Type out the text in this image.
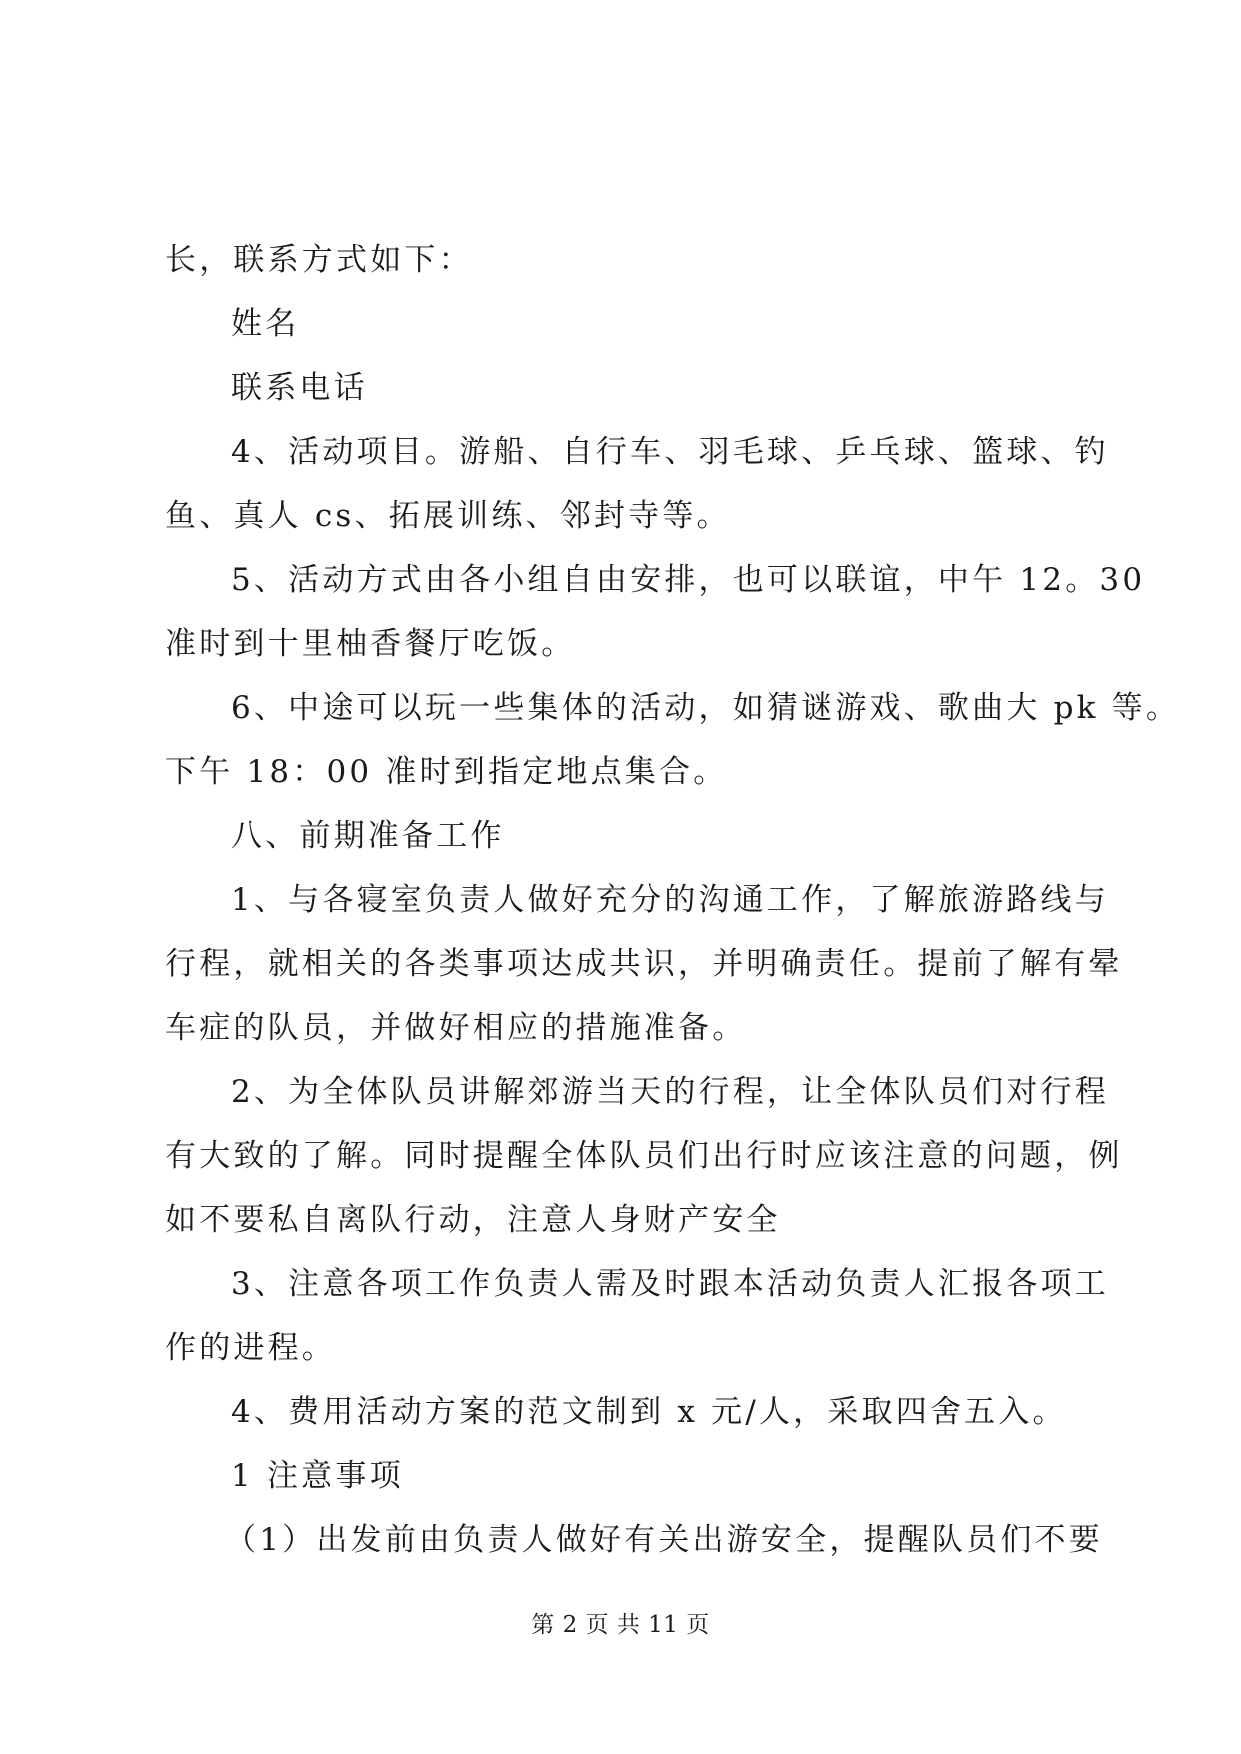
长，联系方式如下：
姓名
联系电话
4、活动项目。游船、自行车、羽毛球、乒乓球、篮球、钓
鱼、真人 cs、拓展训练、邻封寺等。
5、活动方式由各小组自由安排，也可以联谊，中午 12。30
准时到十里柚香餐厅吃饭。
6、中途可以玩一些集体的活动，如猜谜游戏、歌曲大 pk 等。
下午 18：00 准时到指定地点集合。
八、前期准备工作
1、与各寝室负责人做好充分的沟通工作，了解旅游路线与
行程，就相关的各类事项达成共识，并明确责任。提前了解有晕
车症的队员，并做好相应的措施准备。
2、为全体队员讲解郊游当天的行程，让全体队员们对行程
有大致的了解。同时提醒全体队员们出行时应该注意的问题，例
如不要私自离队行动，注意人身财产安全
3、注意各项工作负责人需及时跟本活动负责人汇报各项工
作的进程。
4、费用活动方案的范文制到 x 元/人，采取四舍五入。
1 注意事项
（1）出发前由负责人做好有关出游安全，提醒队员们不要
第 2 页 共 11 页
